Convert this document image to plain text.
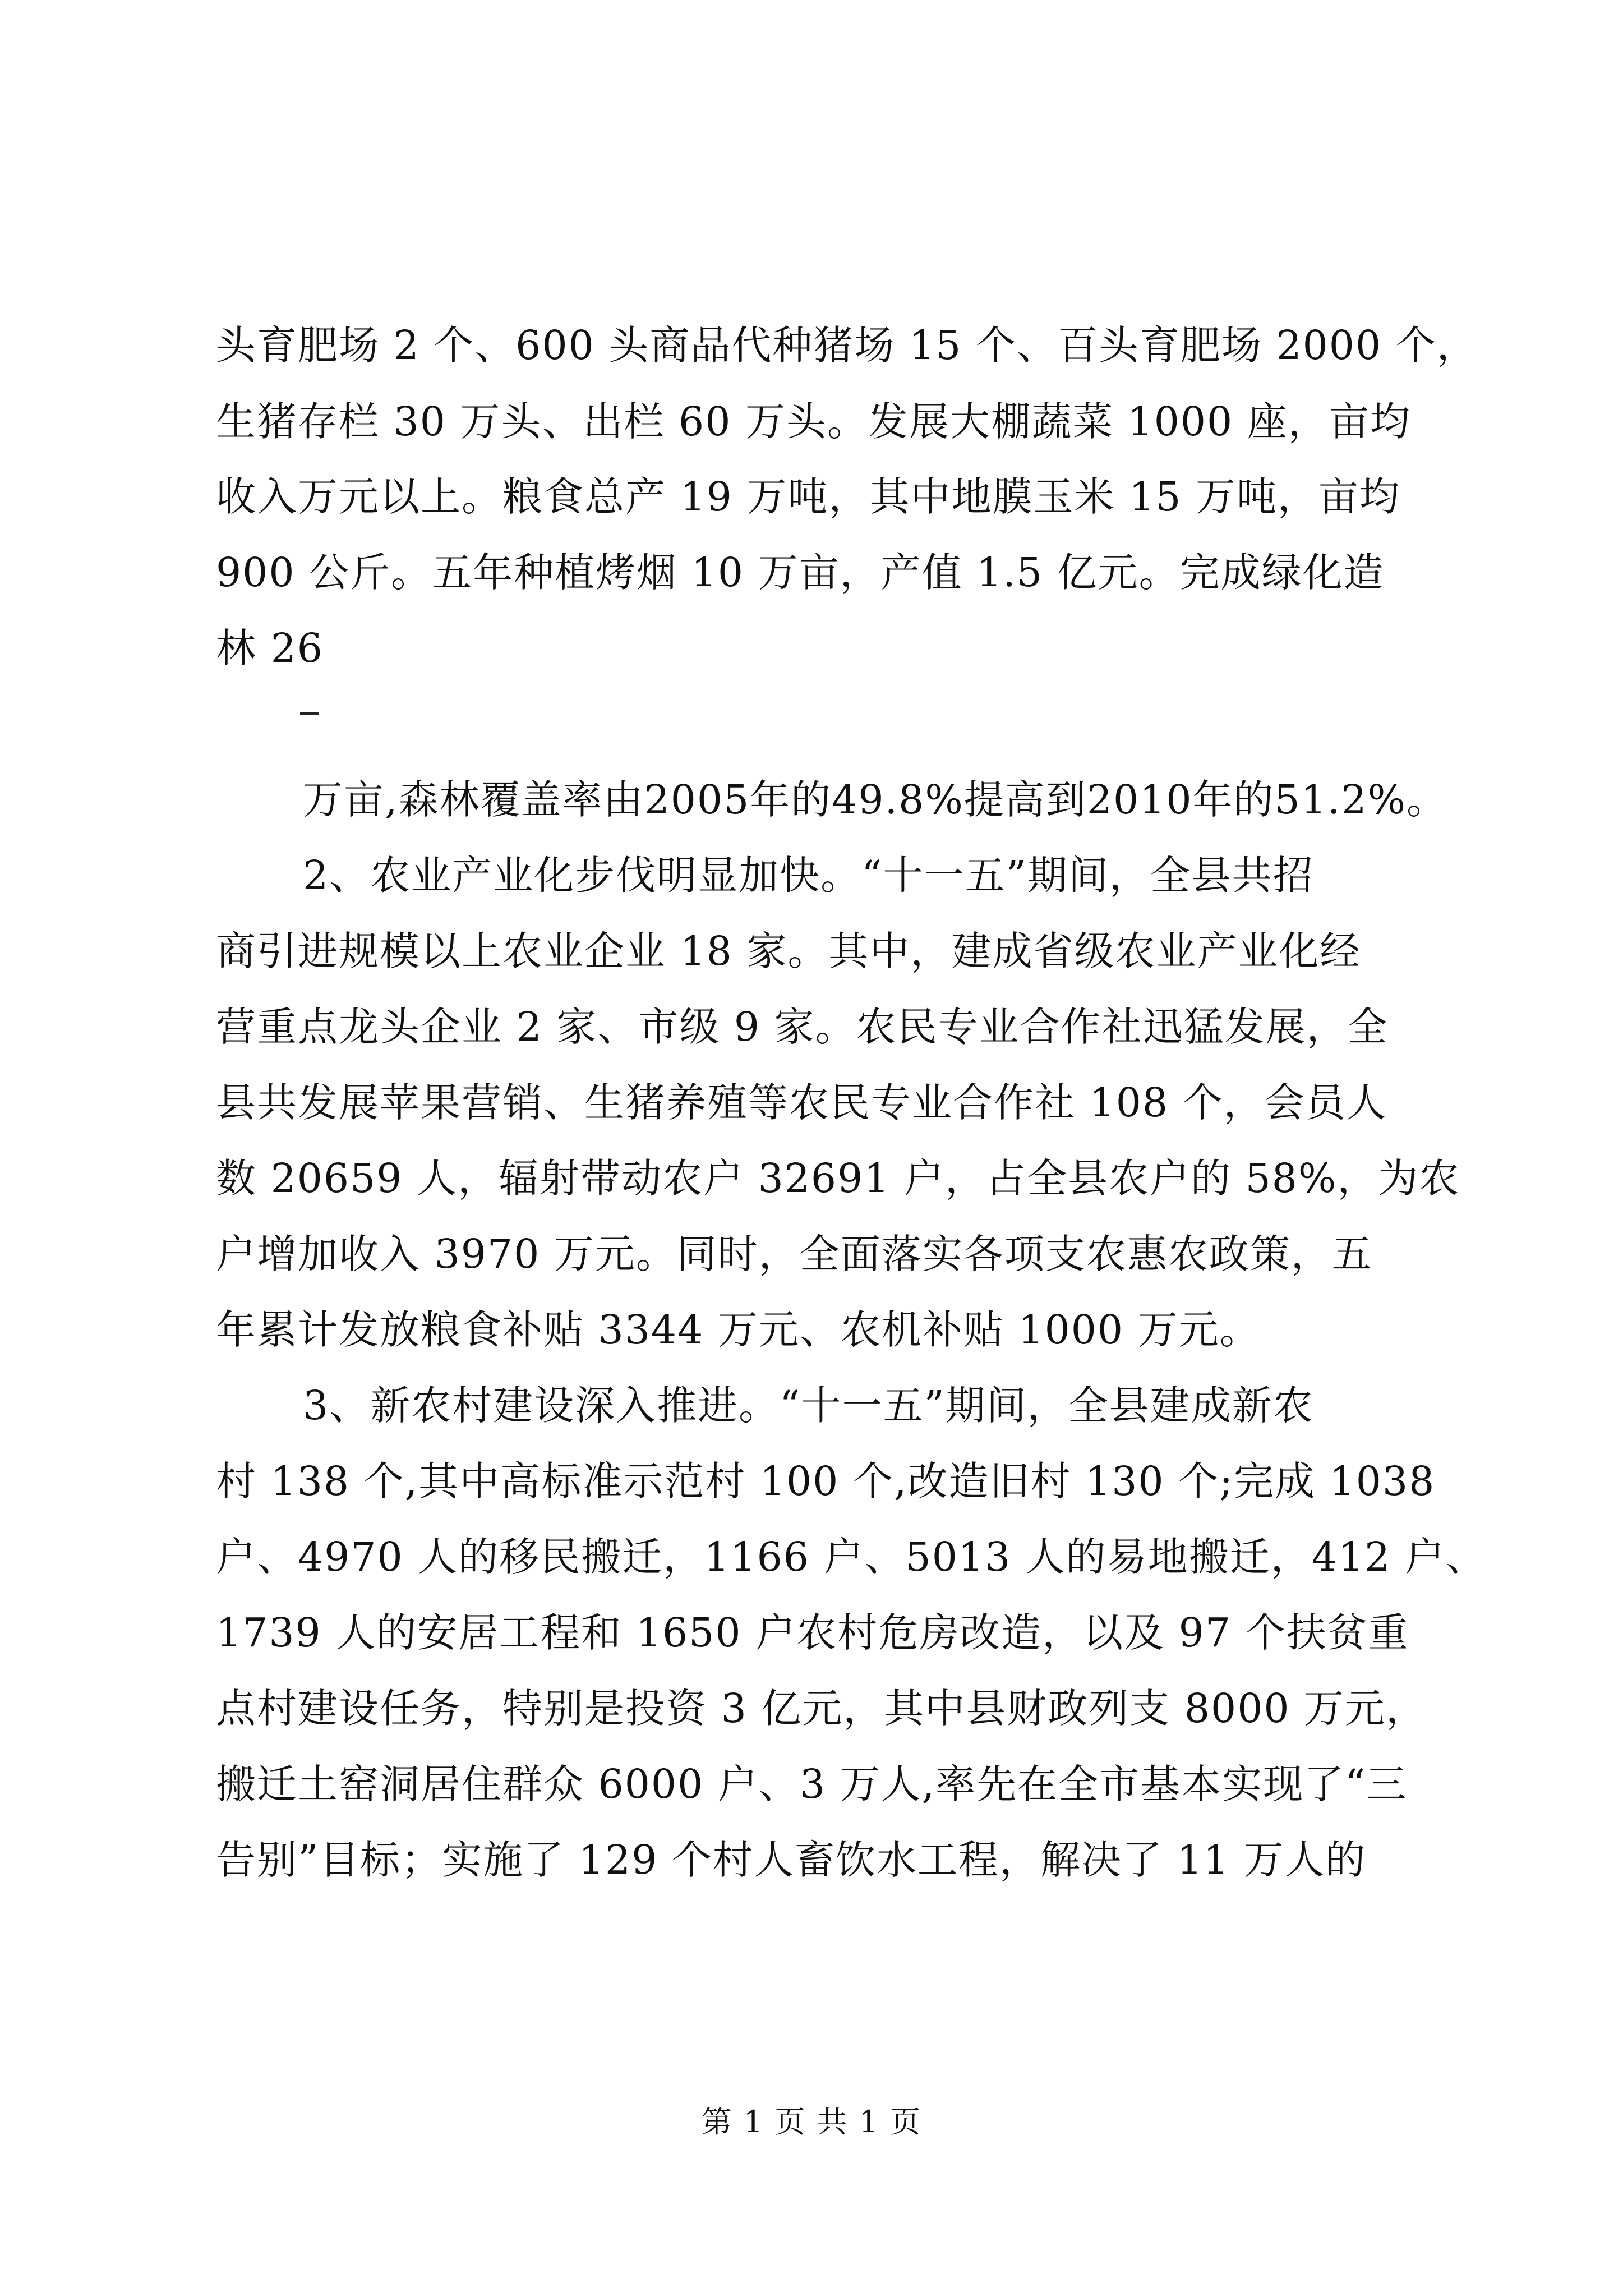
头育肥场 2 个、600 头商品代种猪场 15 个、百头育肥场 2000 个，
生猪存栏 30 万头、出栏 60 万头。发展大棚蔬菜 1000 座，亩均
收入万元以上。粮食总产 19 万吨，其中地膜玉米 15 万吨，亩均
900 公斤。五年种植烤烟 10 万亩，产值 1.5 亿元。完成绿化造
林 26
万亩,森林覆盖率由2005年的49.8%提高到2010年的51.2%。
2、农业产业化步伐明显加快。“十一五”期间，全县共招
商引进规模以上农业企业 18 家。其中，建成省级农业产业化经
营重点龙头企业 2 家、市级 9 家。农民专业合作社迅猛发展，全
县共发展苹果营销、生猪养殖等农民专业合作社 108 个，会员人
数 20659 人，辐射带动农户 32691 户，占全县农户的 58%，为农
户增加收入 3970 万元。同时，全面落实各项支农惠农政策，五
年累计发放粮食补贴 3344 万元、农机补贴 1000 万元。
3、新农村建设深入推进。“十一五”期间，全县建成新农
村 138 个,其中高标准示范村 100 个,改造旧村 130 个;完成 1038
户、4970 人的移民搬迁，1166 户、5013 人的易地搬迁，412 户、
1739 人的安居工程和 1650 户农村危房改造，以及 97 个扶贫重
点村建设任务，特别是投资 3 亿元，其中县财政列支 8000 万元，
搬迁土窑洞居住群众 6000 户、3 万人,率先在全市基本实现了“三
告别”目标；实施了 129 个村人畜饮水工程，解决了 11 万人的
第 1 页 共 1 页
